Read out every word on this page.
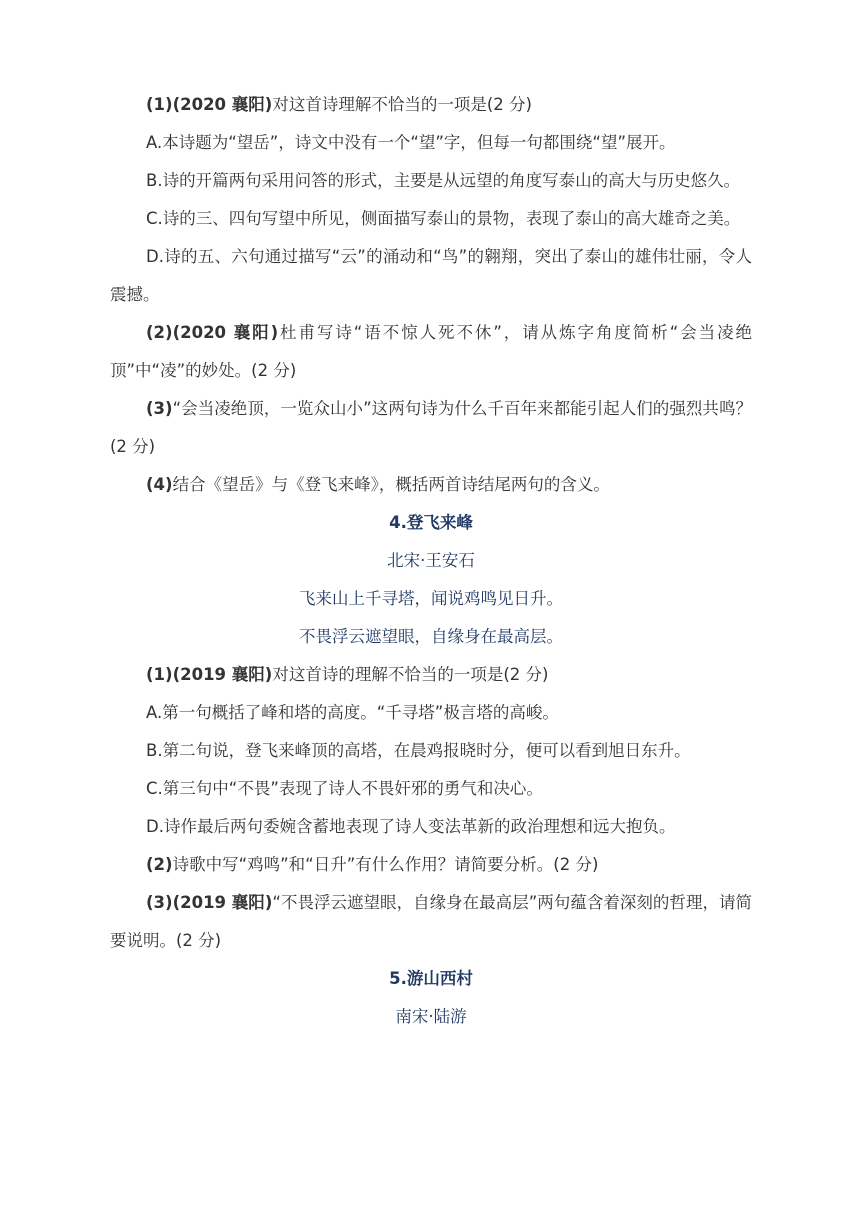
(1)(2020 襄阳)对这首诗理解不恰当的一项是(2 分)

A.本诗题为“望岳”，诗文中没有一个“望”字，但每一句都围绕“望”展开。

B.诗的开篇两句采用问答的形式，主要是从远望的角度写泰山的高大与历史悠久。

C.诗的三、四句写望中所见，侧面描写泰山的景物，表现了泰山的高大雄奇之美。

D.诗的五、六句通过描写“云”的涌动和“鸟”的翱翔，突出了泰山的雄伟壮丽，令人震撼。

(2)(2020 襄阳)杜甫写诗“语不惊人死不休”，请从炼字角度简析“会当凌绝顶”中“凌”的妙处。(2 分)

(3)“会当凌绝顶，一览众山小”这两句诗为什么千百年来都能引起人们的强烈共鸣？(2 分)

(4)结合《望岳》与《登飞来峰》，概括两首诗结尾两句的含义。

4.登飞来峰

北宋·王安石

飞来山上千寻塔，闻说鸡鸣见日升。

不畏浮云遮望眼，自缘身在最高层。

(1)(2019 襄阳)对这首诗的理解不恰当的一项是(2 分)

A.第一句概括了峰和塔的高度。“千寻塔”极言塔的高峻。

B.第二句说，登飞来峰顶的高塔，在晨鸡报晓时分，便可以看到旭日东升。

C.第三句中“不畏”表现了诗人不畏奸邪的勇气和决心。

D.诗作最后两句委婉含蓄地表现了诗人变法革新的政治理想和远大抱负。

(2)诗歌中写“鸡鸣”和“日升”有什么作用？请简要分析。(2 分)

(3)(2019 襄阳)“不畏浮云遮望眼，自缘身在最高层”两句蕴含着深刻的哲理，请简要说明。(2 分)

5.游山西村

南宋·陆游
